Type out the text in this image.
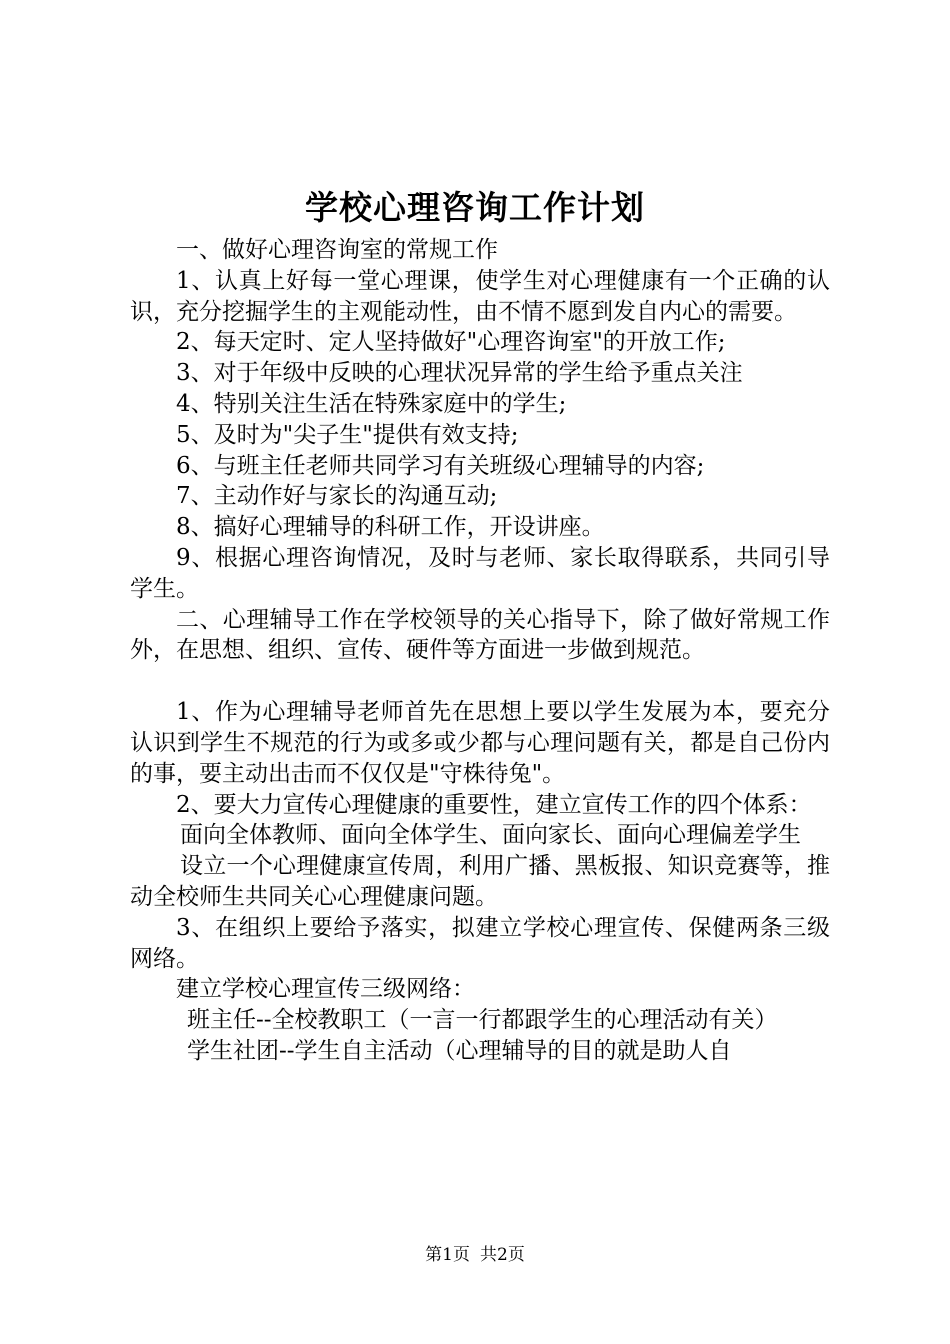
学校心理咨询工作计划

一、做好心理咨询室的常规工作

1、认真上好每一堂心理课，使学生对心理健康有一个正确的认识，充分挖掘学生的主观能动性，由不情不愿到发自内心的需要。

2、每天定时、定人坚持做好"心理咨询室"的开放工作;

3、对于年级中反映的心理状况异常的学生给予重点关注

4、特别关注生活在特殊家庭中的学生;

5、及时为"尖子生"提供有效支持;

6、与班主任老师共同学习有关班级心理辅导的内容;

7、主动作好与家长的沟通互动;

8、搞好心理辅导的科研工作，开设讲座。

9、根据心理咨询情况，及时与老师、家长取得联系，共同引导学生。

二、心理辅导工作在学校领导的关心指导下，除了做好常规工作外，在思想、组织、宣传、硬件等方面进一步做到规范。

1、作为心理辅导老师首先在思想上要以学生发展为本，要充分认识到学生不规范的行为或多或少都与心理问题有关，都是自己份内的事，要主动出击而不仅仅是"守株待兔"。

2、要大力宣传心理健康的重要性，建立宣传工作的四个体系：

面向全体教师、面向全体学生、面向家长、面向心理偏差学生

设立一个心理健康宣传周，利用广播、黑板报、知识竞赛等，推动全校师生共同关心心理健康问题。

3、在组织上要给予落实，拟建立学校心理宣传、保健两条三级网络。

建立学校心理宣传三级网络：

班主任--全校教职工（一言一行都跟学生的心理活动有关）

学生社团--学生自主活动（心理辅导的目的就是助人自

第1页 共2页
